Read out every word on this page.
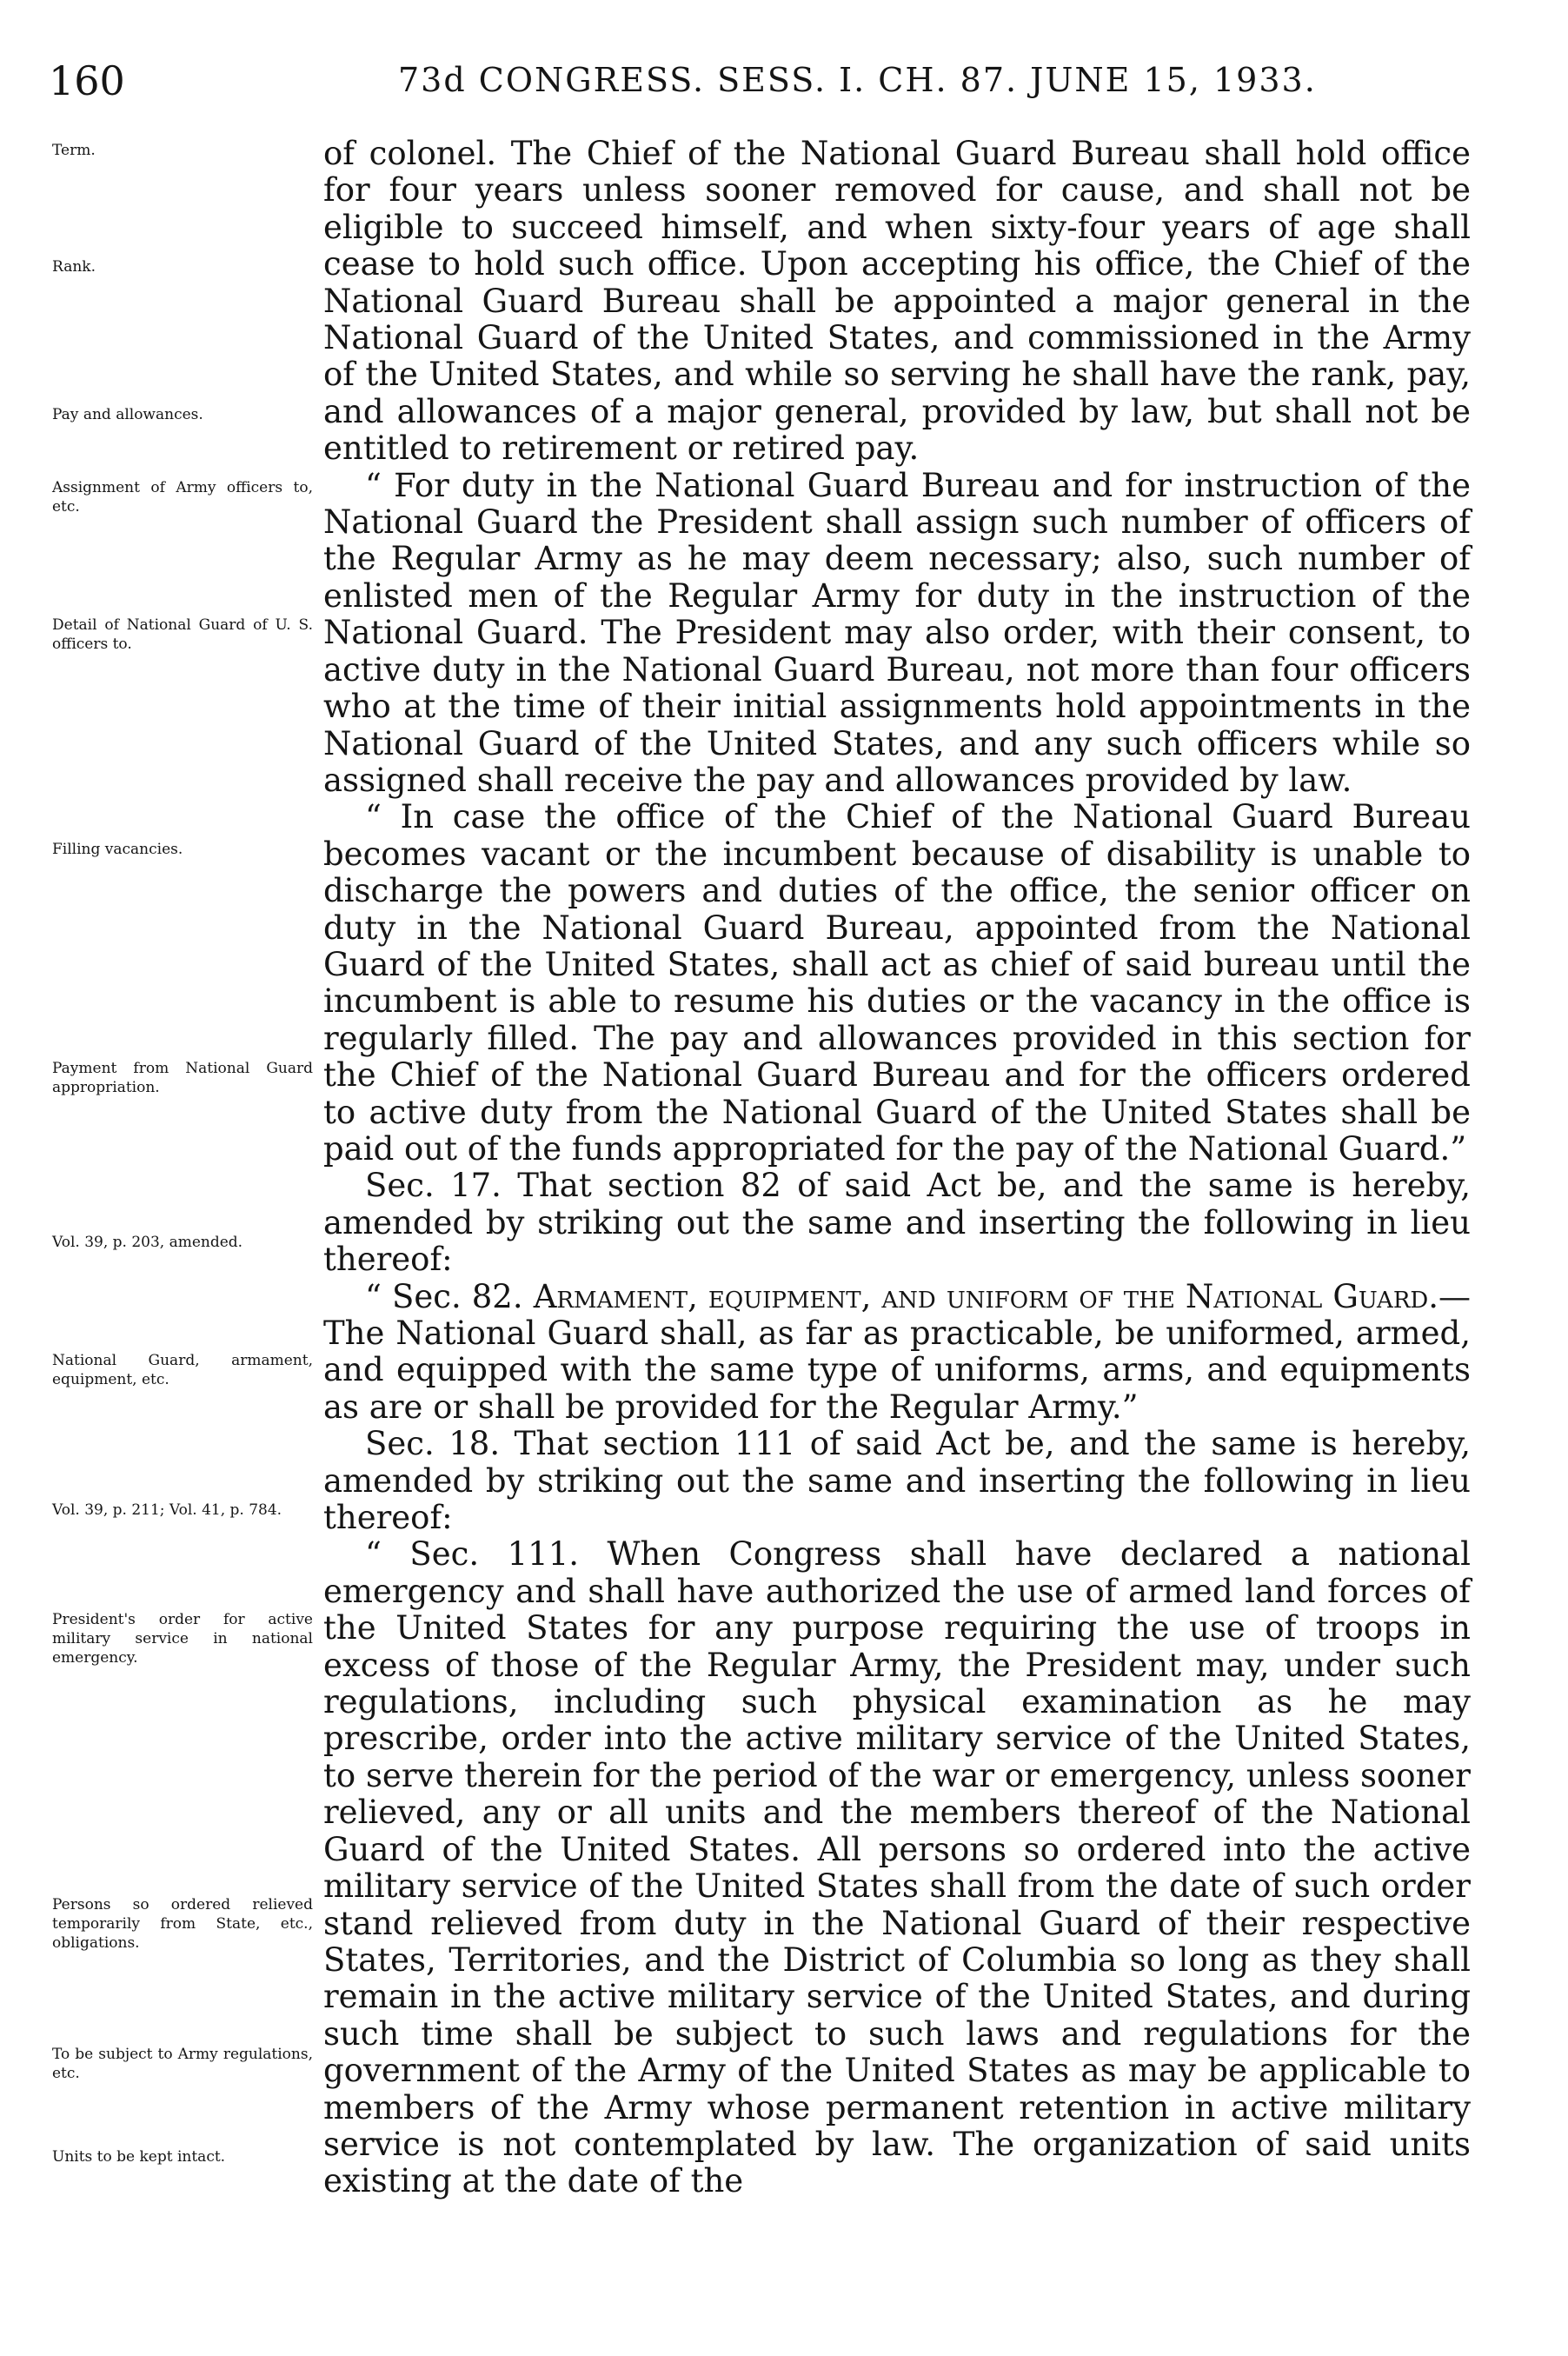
160	73d CONGRESS. SESS. I. CH. 87. JUNE 15, 1933.
Term.
Rank.
Pay and allowances.
Assignment of Army officers to, etc.
Detail of National Guard of U. S. officers to.
Filling vacancies.
Payment from National Guard appropriation.
Vol. 39, p. 203, amended.
National Guard, armament, equipment, etc.
Vol. 39, p. 211; Vol. 41, p. 784.
President's order for active military service in national emergency.
Persons so ordered relieved temporarily from State, etc., obligations.
To be subject to Army regulations, etc.
Units to be kept intact.

of colonel. The Chief of the National Guard Bureau shall hold office for four years unless sooner removed for cause, and shall not be eligible to succeed himself, and when sixty-four years of age shall cease to hold such office. Upon accepting his office, the Chief of the National Guard Bureau shall be appointed a major general in the National Guard of the United States, and commissioned in the Army of the United States, and while so serving he shall have the rank, pay, and allowances of a major general, provided by law, but shall not be entitled to retirement or retired pay.

“ For duty in the National Guard Bureau and for instruction of the National Guard the President shall assign such number of officers of the Regular Army as he may deem necessary; also, such number of enlisted men of the Regular Army for duty in the instruction of the National Guard. The President may also order, with their consent, to active duty in the National Guard Bureau, not more than four officers who at the time of their initial assignments hold appointments in the National Guard of the United States, and any such officers while so assigned shall receive the pay and allowances provided by law.

“ In case the office of the Chief of the National Guard Bureau becomes vacant or the incumbent because of disability is unable to discharge the powers and duties of the office, the senior officer on duty in the National Guard Bureau, appointed from the National Guard of the United States, shall act as chief of said bureau until the incumbent is able to resume his duties or the vacancy in the office is regularly filled. The pay and allowances provided in this section for the Chief of the National Guard Bureau and for the officers ordered to active duty from the National Guard of the United States shall be paid out of the funds appropriated for the pay of the National Guard.”

Sec. 17. That section 82 of said Act be, and the same is hereby, amended by striking out the same and inserting the following in lieu thereof:

“ Sec. 82. Armament, equipment, and uniform of the National Guard.—The National Guard shall, as far as practicable, be uniformed, armed, and equipped with the same type of uniforms, arms, and equipments as are or shall be provided for the Regular Army.”

Sec. 18. That section 111 of said Act be, and the same is hereby, amended by striking out the same and inserting the following in lieu thereof:

“ Sec. 111. When Congress shall have declared a national emergency and shall have authorized the use of armed land forces of the United States for any purpose requiring the use of troops in excess of those of the Regular Army, the President may, under such regulations, including such physical examination as he may prescribe, order into the active military service of the United States, to serve therein for the period of the war or emergency, unless sooner relieved, any or all units and the members thereof of the National Guard of the United States. All persons so ordered into the active military service of the United States shall from the date of such order stand relieved from duty in the National Guard of their respective States, Territories, and the District of Columbia so long as they shall remain in the active military service of the United States, and during such time shall be subject to such laws and regulations for the government of the Army of the United States as may be applicable to members of the Army whose permanent retention in active military service is not contemplated by law. The organization of said units existing at the date of the
